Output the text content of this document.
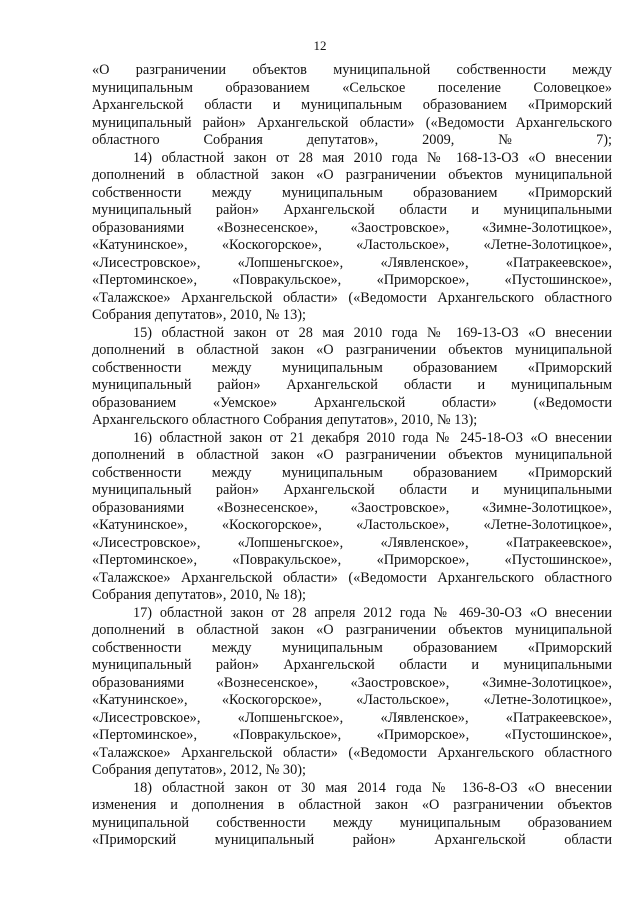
12
«О разграничении объектов муниципальной собственности между
муниципальным образованием «Сельское поселение Соловецкое»
Архангельской области и муниципальным образованием «Приморский
муниципальный район» Архангельской области» («Ведомости Архангельского
областного Собрания депутатов», 2009, № 7);
14) областной закон от 28 мая 2010 года № 168-13-ОЗ «О внесении
дополнений в областной закон «О разграничении объектов муниципальной
собственности между муниципальным образованием «Приморский
муниципальный район» Архангельской области и муниципальными
образованиями «Вознесенское», «Заостровское», «Зимне-Золотицкое»,
«Катунинское», «Коскогорское», «Ластольское», «Летне-Золотицкое»,
«Лисестровское», «Лопшеньгское», «Лявленское», «Патракеевское»,
«Пертоминское», «Повракульское», «Приморское», «Пустошинское»,
«Талажское» Архангельской области» («Ведомости Архангельского областного
Собрания депутатов», 2010, № 13);
15) областной закон от 28 мая 2010 года № 169-13-ОЗ «О внесении
дополнений в областной закон «О разграничении объектов муниципальной
собственности между муниципальным образованием «Приморский
муниципальный район» Архангельской области и муниципальным
образованием «Уемское» Архангельской области» («Ведомости
Архангельского областного Собрания депутатов», 2010, № 13);
16) областной закон от 21 декабря 2010 года № 245-18-ОЗ «О внесении
дополнений в областной закон «О разграничении объектов муниципальной
собственности между муниципальным образованием «Приморский
муниципальный район» Архангельской области и муниципальными
образованиями «Вознесенское», «Заостровское», «Зимне-Золотицкое»,
«Катунинское», «Коскогорское», «Ластольское», «Летне-Золотицкое»,
«Лисестровское», «Лопшеньгское», «Лявленское», «Патракеевское»,
«Пертоминское», «Повракульское», «Приморское», «Пустошинское»,
«Талажское» Архангельской области» («Ведомости Архангельского областного
Собрания депутатов», 2010, № 18);
17) областной закон от 28 апреля 2012 года № 469-30-ОЗ «О внесении
дополнений в областной закон «О разграничении объектов муниципальной
собственности между муниципальным образованием «Приморский
муниципальный район» Архангельской области и муниципальными
образованиями «Вознесенское», «Заостровское», «Зимне-Золотицкое»,
«Катунинское», «Коскогорское», «Ластольское», «Летне-Золотицкое»,
«Лисестровское», «Лопшеньгское», «Лявленское», «Патракеевское»,
«Пертоминское», «Повракульское», «Приморское», «Пустошинское»,
«Талажское» Архангельской области» («Ведомости Архангельского областного
Собрания депутатов», 2012, № 30);
18) областной закон от 30 мая 2014 года № 136-8-ОЗ «О внесении
изменения и дополнения в областной закон «О разграничении объектов
муниципальной собственности между муниципальным образованием
«Приморский муниципальный район» Архангельской области
